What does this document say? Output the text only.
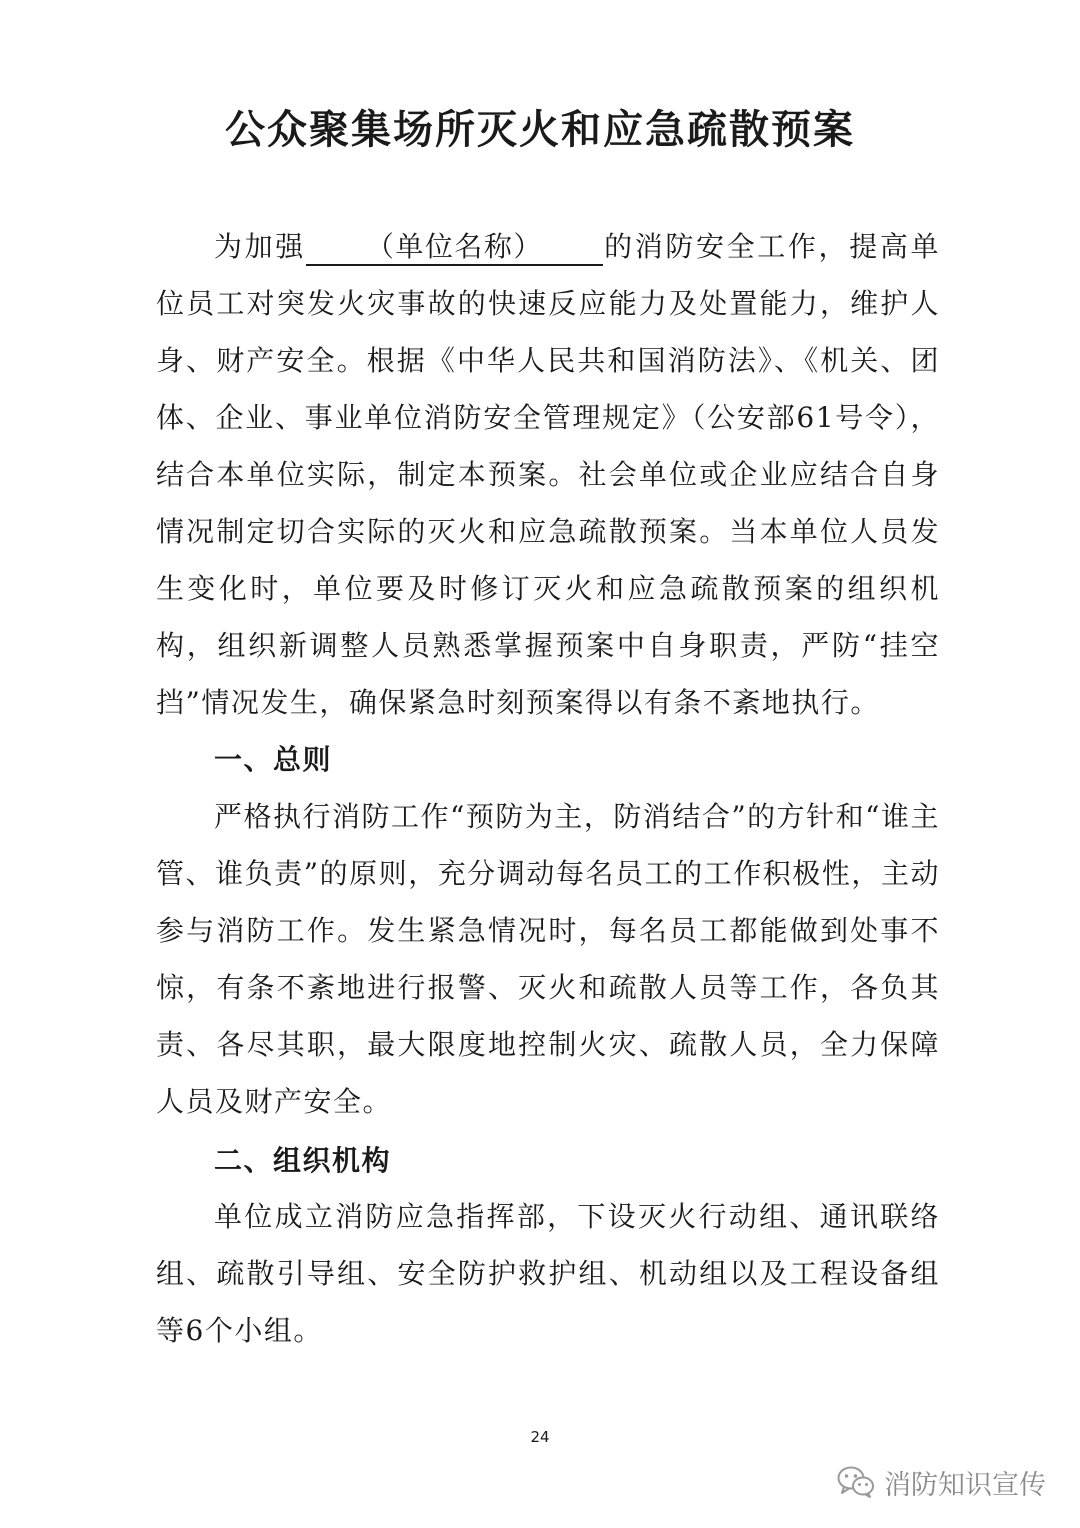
公众聚集场所灭火和应急疏散预案

为加强 （单位名称） 的消防安全工作，提高单位员工对突发火灾事故的快速反应能力及处置能力，维护人身、财产安全。根据《中华人民共和国消防法》、《机关、团体、企业、事业单位消防安全管理规定》（公安部61号令），结合本单位实际，制定本预案。社会单位或企业应结合自身情况制定切合实际的灭火和应急疏散预案。当本单位人员发生变化时，单位要及时修订灭火和应急疏散预案的组织机构，组织新调整人员熟悉掌握预案中自身职责，严防“挂空挡”情况发生，确保紧急时刻预案得以有条不紊地执行。

一、总则

严格执行消防工作“预防为主，防消结合”的方针和“谁主管、谁负责”的原则，充分调动每名员工的工作积极性，主动参与消防工作。发生紧急情况时，每名员工都能做到处事不惊，有条不紊地进行报警、灭火和疏散人员等工作，各负其责、各尽其职，最大限度地控制火灾、疏散人员，全力保障人员及财产安全。

二、组织机构

单位成立消防应急指挥部，下设灭火行动组、通讯联络组、疏散引导组、安全防护救护组、机动组以及工程设备组等6个小组。

24
消防知识宣传
